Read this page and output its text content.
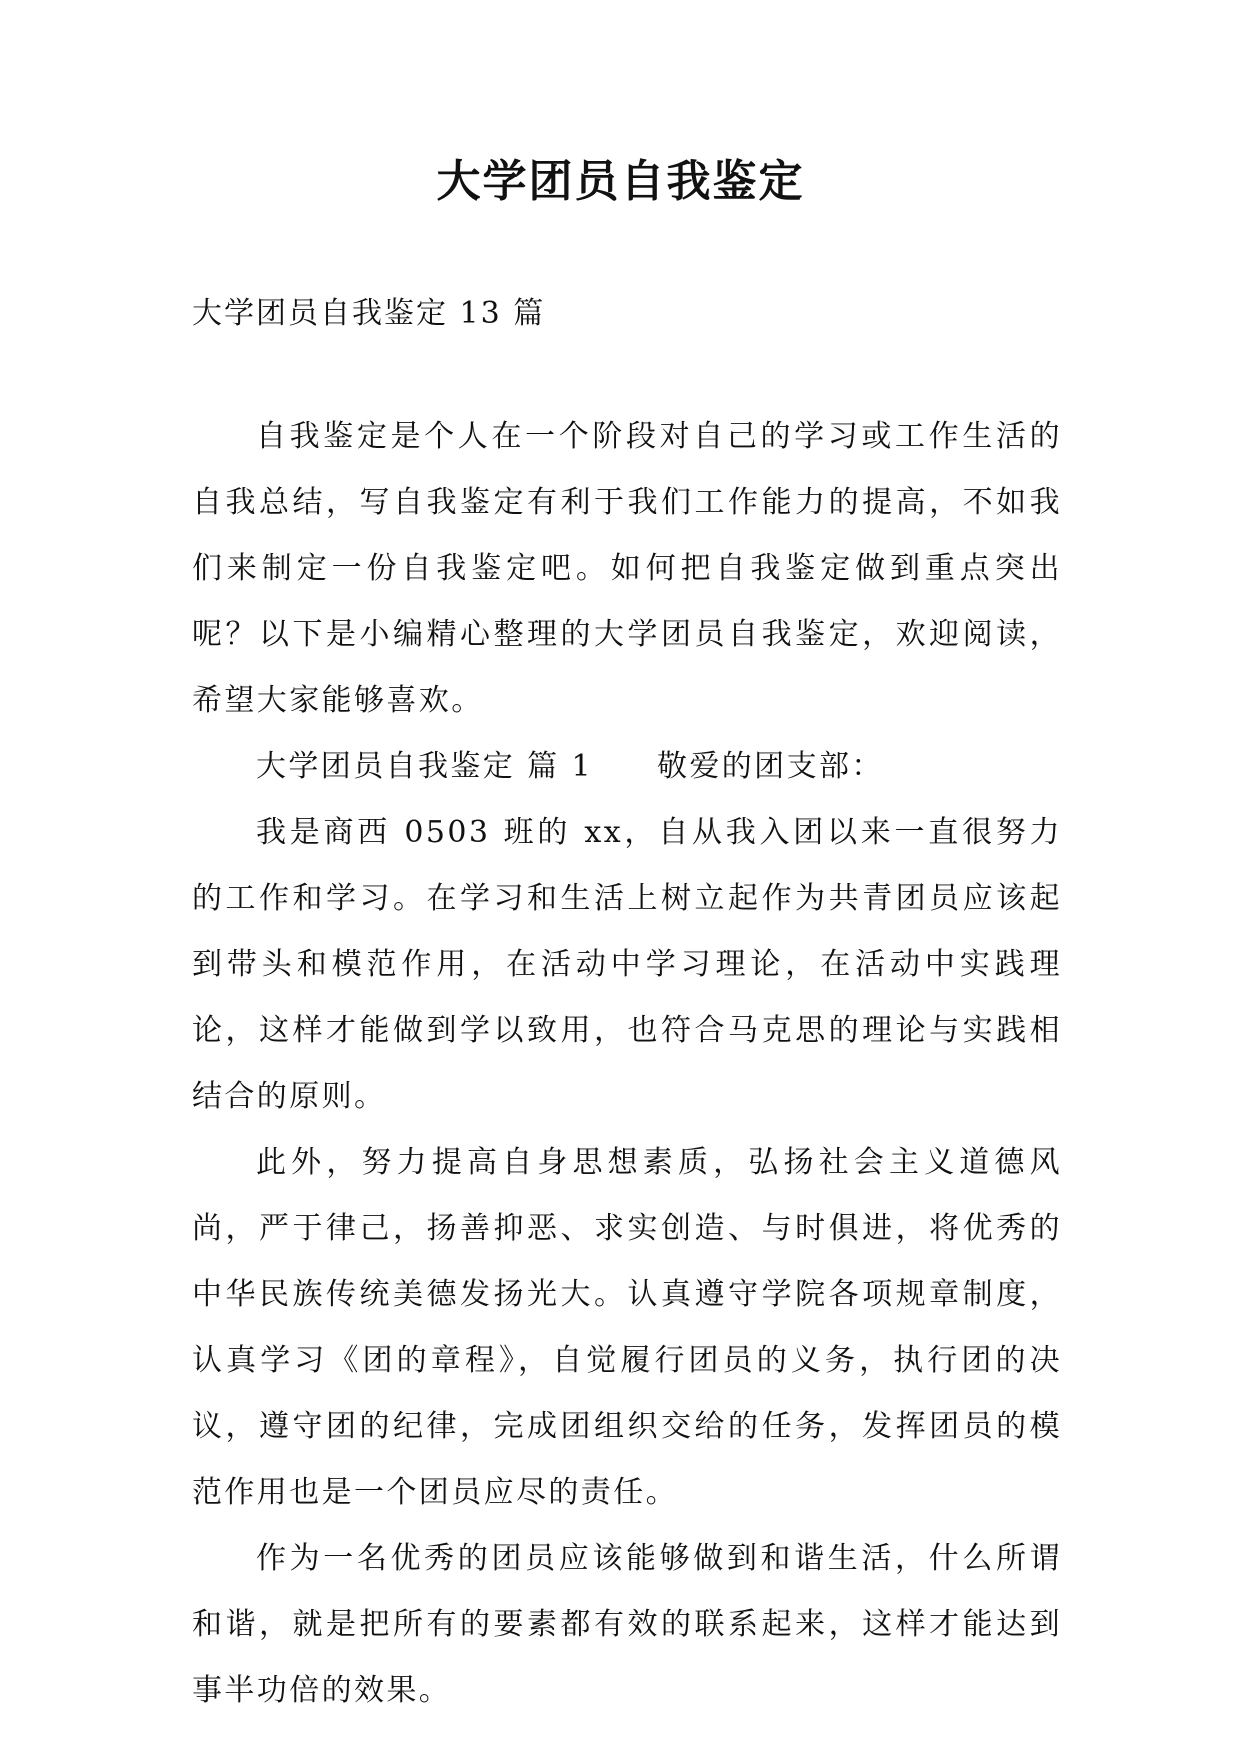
大学团员自我鉴定
大学团员自我鉴定 13 篇

自我鉴定是个人在一个阶段对自己的学习或工作生活的自我总结，写自我鉴定有利于我们工作能力的提高，不如我们来制定一份自我鉴定吧。如何把自我鉴定做到重点突出呢？以下是小编精心整理的大学团员自我鉴定，欢迎阅读，希望大家能够喜欢。

大学团员自我鉴定 篇 1 敬爱的团支部：

我是商西 0503 班的 xx，自从我入团以来一直很努力的工作和学习。在学习和生活上树立起作为共青团员应该起到带头和模范作用，在活动中学习理论，在活动中实践理论，这样才能做到学以致用，也符合马克思的理论与实践相结合的原则。

此外，努力提高自身思想素质，弘扬社会主义道德风尚，严于律己，扬善抑恶、求实创造、与时俱进，将优秀的中华民族传统美德发扬光大。认真遵守学院各项规章制度，认真学习《团的章程》，自觉履行团员的义务，执行团的决议，遵守团的纪律，完成团组织交给的任务，发挥团员的模范作用也是一个团员应尽的责任。

作为一名优秀的团员应该能够做到和谐生活，什么所谓和谐，就是把所有的要素都有效的联系起来，这样才能达到事半功倍的效果。
